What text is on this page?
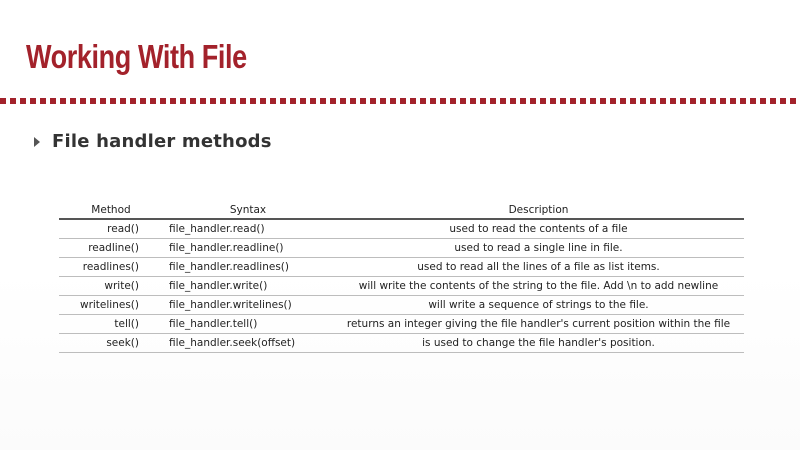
Working With File
File handler methods
Method	Syntax	Description
read()	file_handler.read()	used to read the contents of a file
readline()	file_handler.readline()	used to read a single line in file.
readlines()	file_handler.readlines()	used to read all the lines of a file as list items.
write()	file_handler.write()	will write the contents of the string to the file. Add \n to add newline
writelines()	file_handler.writelines()	will write a sequence of strings to the file.
tell()	file_handler.tell()	returns an integer giving the file handler's current position within the file
seek()	file_handler.seek(offset)	is used to change the file handler's position.
